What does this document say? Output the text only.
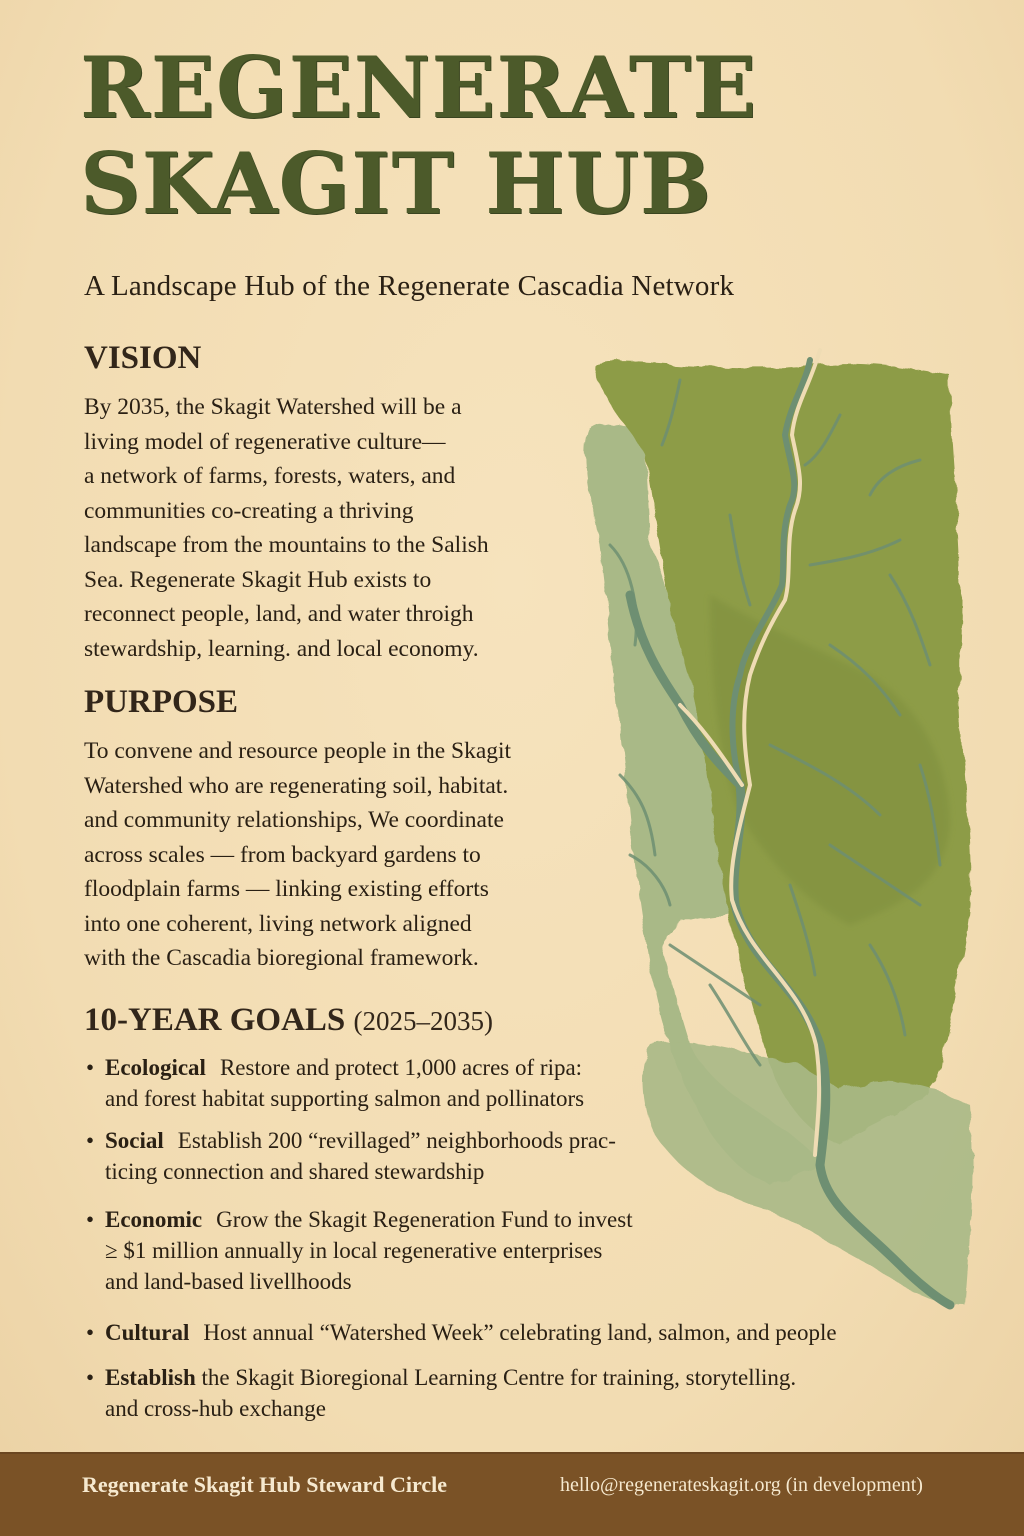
REGENERATE
SKAGIT HUB
A Landscape Hub of the Regenerate Cascadia Network
VISION
By 2035, the Skagit Watershed will be a
living model of regenerative culture—
a network of farms, forests, waters, and
communities co-creating a thriving
landscape from the mountains to the Salish
Sea. Regenerate Skagit Hub exists to
reconnect people, land, and water throigh
stewardship, learning. and local economy.
PURPOSE
To convene and resource people in the Skagit
Watershed who are regenerating soil, habitat.
and community relationships, We coordinate
across scales — from backyard gardens to
floodplain farms — linking existing efforts
into one coherent, living network aligned
with the Cascadia bioregional framework.
10-YEAR GOALS (2025–2035)
• Ecological Restore and protect 1,000 acres of ripa:
and forest habitat supporting salmon and pollinators
• Social Establish 200 “revillaged” neighborhoods prac-
ticing connection and shared stewardship
• Economic Grow the Skagit Regeneration Fund to invest
≥ $1 million annually in local regenerative enterprises
and land-based livellhoods
• Cultural Host annual “Watershed Week” celebrating land, salmon, and people
• Establish the Skagit Bioregional Learning Centre for training, storytelling.
and cross-hub exchange
Regenerate Skagit Hub Steward Circle	hello@regenerateskagit.org (in development)
